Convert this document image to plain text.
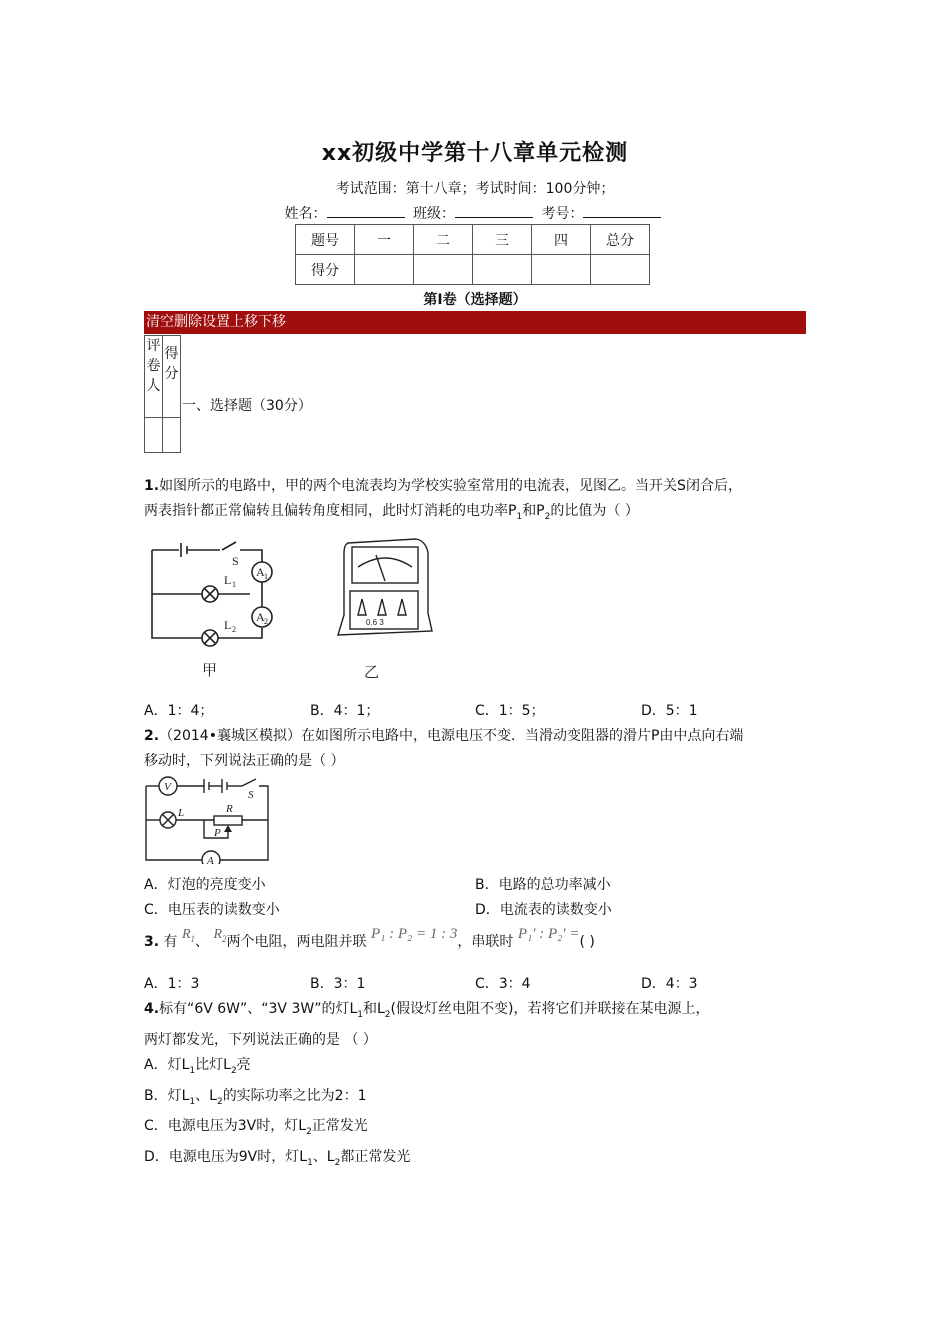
xx初级中学第十八章单元检测
考试范围：第十八章；考试时间：100分钟；
姓名：	班级：	考号：
题号	一	二	三	四	总分
得分					
第I卷（选择题）
清空删除设置上移下移
评卷人	得分

一、选择题（30分）
1.如图所示的电路中，甲的两个电流表均为学校实验室常用的电流表，见图乙。当开关S闭合后，
两表指针都正常偏转且偏转角度相同，此时灯消耗的电功率$P_1$和$P_2$的比值为（ ）
S
A 1
A 2
L 1
L 2
甲
0.6 3
乙
A．1：4；	B．4：1；	C．1：5；	D．5：1
2.（2014•襄城区模拟）在如图所示电路中，电源电压不变．当滑动变阻器的滑片P由中点向右端
移动时，下列说法正确的是（ ）
V
S
L	R
P
A
A．灯泡的亮度变小	B．电路的总功率减小
C．电压表的读数变小	D．电流表的读数变小
3. 有 $R_1$、 $R_2$两个电阻，两电阻并联 P₁ : P₂ = 1 : 3，串联时 P₁′ : P₂′ =( )
A．1：3	B．3：1	C．3：4	D．4：3
4.标有“6V 6W”、“3V 3W”的灯$L_1$和$L_2$(假设灯丝电阻不变)，若将它们并联接在某电源上，
两灯都发光，下列说法正确的是 （ ）
A．灯$L_1$比灯$L_2$亮
B．灯$L_1$、$L_2$的实际功率之比为2：1
C．电源电压为3V时，灯$L_2$正常发光
D．电源电压为9V时，灯$L_1$、$L_2$都正常发光
